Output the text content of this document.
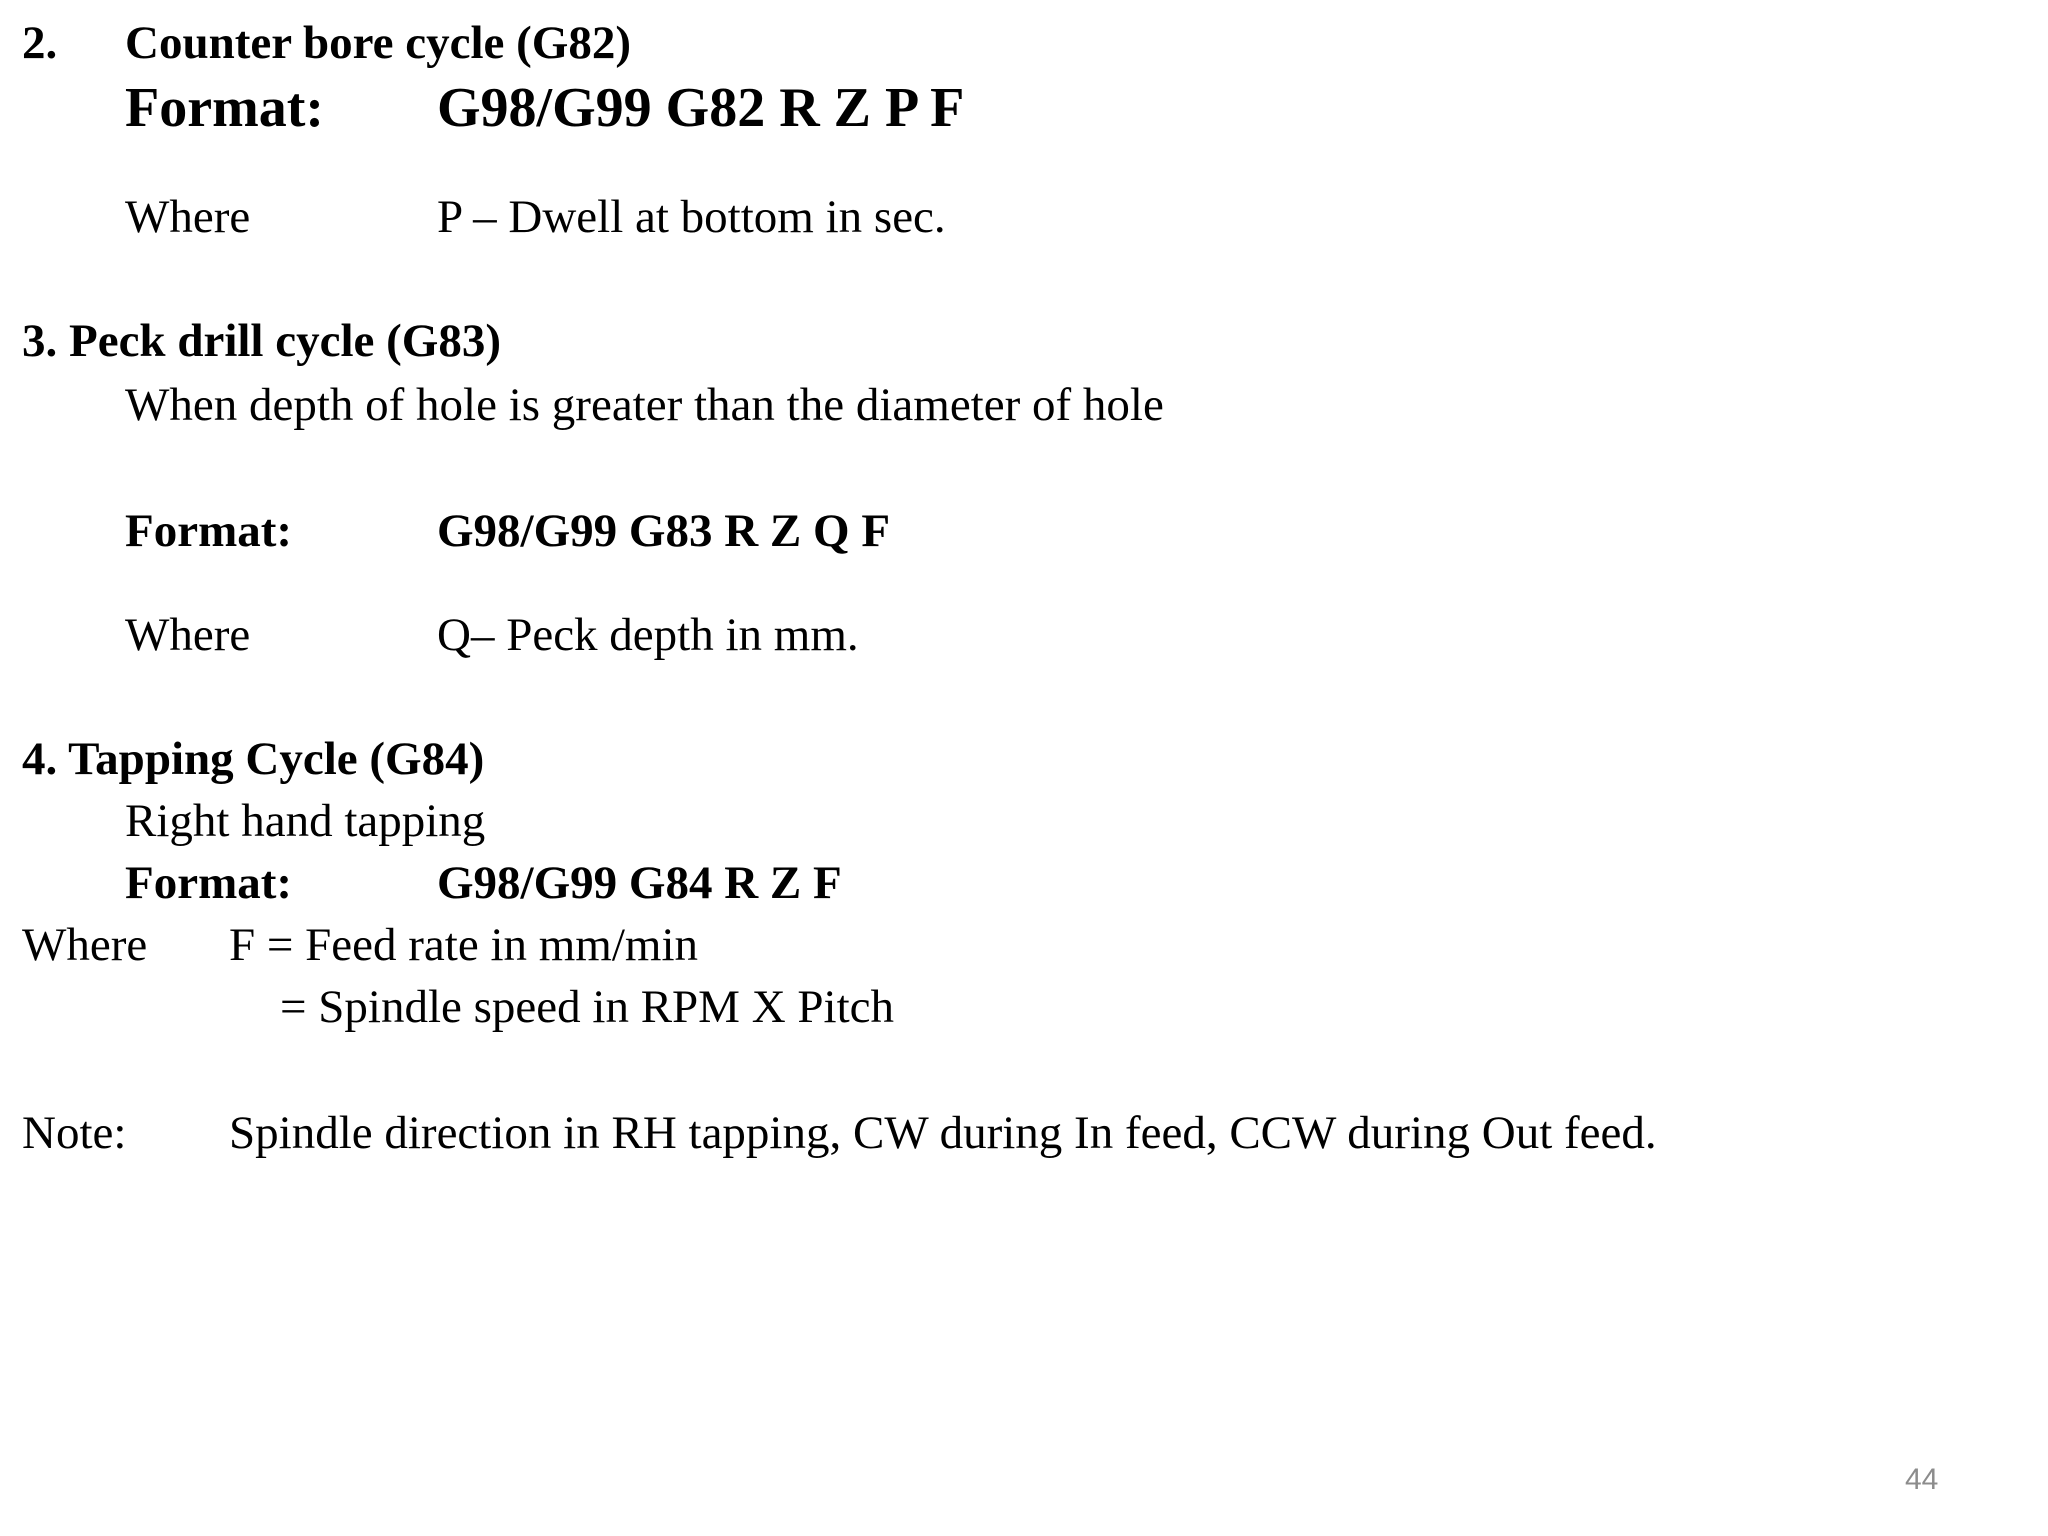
2. Counter bore cycle (G82)
Format: G98/G99 G82 R Z P F
Where	P – Dwell at bottom in sec.
3. Peck drill cycle (G83)
When depth of hole is greater than the diameter of hole
Format:	G98/G99 G83 R Z Q F
Where	Q– Peck depth in mm.
4. Tapping Cycle (G84)
Right hand tapping
Format:	G98/G99 G84 R Z F
Where F = Feed rate in mm/min
= Spindle speed in RPM X Pitch
Note: Spindle direction in RH tapping, CW during In feed, CCW during Out feed.
44
